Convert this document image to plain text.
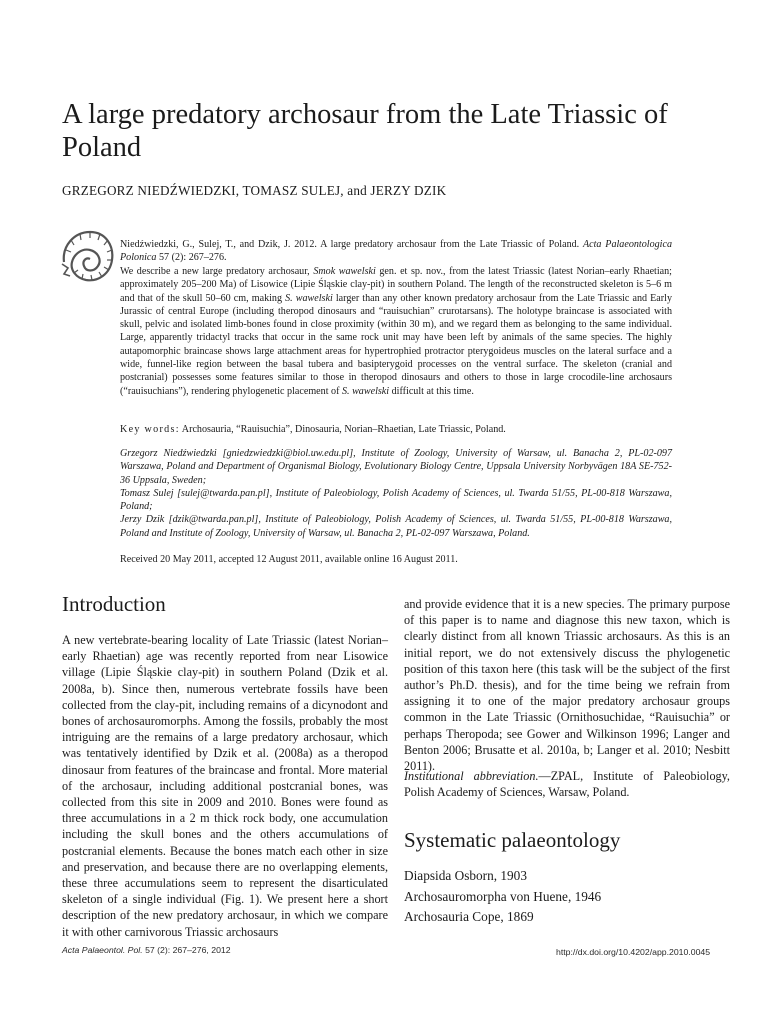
A large predatory archosaur from the Late Triassic of Poland
GRZEGORZ NIEDŹWIEDZKI, TOMASZ SULEJ, and JERZY DZIK
Niedźwiedzki, G., Sulej, T., and Dzik, J. 2012. A large predatory archosaur from the Late Triassic of Poland. Acta Palaeontologica Polonica 57 (2): 267–276.
We describe a new large predatory archosaur, Smok wawelski gen. et sp. nov., from the latest Triassic (latest Norian–early Rhaetian; approximately 205–200 Ma) of Lisowice (Lipie Śląskie clay-pit) in southern Poland. The length of the reconstructed skeleton is 5–6 m and that of the skull 50–60 cm, making S. wawelski larger than any other known predatory archosaur from the Late Triassic and Early Jurassic of central Europe (including theropod dinosaurs and “rauisuchian” crurotarsans). The holotype braincase is associated with skull, pelvic and isolated limb-bones found in close proximity (within 30 m), and we regard them as belonging to the same individual. Large, apparently tridactyl tracks that occur in the same rock unit may have been left by animals of the same species. The highly autapomorphic braincase shows large attachment areas for hypertrophied protractor pterygoideus muscles on the lateral surface and a wide, funnel-like region between the basal tubera and basipterygoid processes on the ventral surface. The skeleton (cranial and postcranial) possesses some features similar to those in theropod dinosaurs and others to those in large crocodile-line archosaurs (“rauisuchians”), rendering phylogenetic placement of S. wawelski difficult at this time.
Key words: Archosauria, “Rauisuchia”, Dinosauria, Norian–Rhaetian, Late Triassic, Poland.

Grzegorz Niedźwiedzki [gniedzwiedzki@biol.uw.edu.pl], Institute of Zoology, University of Warsaw, ul. Banacha 2, PL-02-097 Warszawa, Poland and Department of Organismal Biology, Evolutionary Biology Centre, Uppsala University Norbyvägen 18A SE-752-36 Uppsala, Sweden;

Tomasz Sulej [sulej@twarda.pan.pl], Institute of Paleobiology, Polish Academy of Sciences, ul. Twarda 51/55, PL-00-818 Warszawa, Poland;

Jerzy Dzik [dzik@twarda.pan.pl], Institute of Paleobiology, Polish Academy of Sciences, ul. Twarda 51/55, PL-00-818 Warszawa, Poland and Institute of Zoology, University of Warsaw, ul. Banacha 2, PL-02-097 Warszawa, Poland.

Received 20 May 2011, accepted 12 August 2011, available online 16 August 2011.
Introduction
A new vertebrate-bearing locality of Late Triassic (latest Norian–early Rhaetian) age was recently reported from near Lisowice village (Lipie Śląskie clay-pit) in southern Poland (Dzik et al. 2008a, b). Since then, numerous vertebrate fossils have been collected from the clay-pit, including remains of a dicynodont and bones of archosauromorphs. Among the fossils, probably the most intriguing are the remains of a large predatory archosaur, which was tentatively identified by Dzik et al. (2008a) as a theropod dinosaur from features of the braincase and frontal. More material of the archosaur, including additional postcranial bones, was collected from this site in 2009 and 2010. Bones were found as three accumulations in a 2 m thick rock body, one accumulation including the skull bones and the others accumulations of postcranial elements. Because the bones match each other in size and preservation, and because there are no overlapping elements, these three accumulations seem to represent the disarticulated skeleton of a single individual (Fig. 1). We present here a short description of the new predatory archosaur, in which we compare it with other carnivorous Triassic archosaurs
and provide evidence that it is a new species. The primary purpose of this paper is to name and diagnose this new taxon, which is clearly distinct from all known Triassic archosaurs. As this is an initial report, we do not extensively discuss the phylogenetic position of this taxon here (this task will be the subject of the first author’s Ph.D. thesis), and for the time being we refrain from assigning it to one of the major predatory archosaur groups common in the Late Triassic (Ornithosuchidae, “Rauisuchia” or perhaps Theropoda; see Gower and Wilkinson 1996; Langer and Benton 2006; Brusatte et al. 2010a, b; Langer et al. 2010; Nesbitt 2011).
Institutional abbreviation.—ZPAL, Institute of Paleobiology, Polish Academy of Sciences, Warsaw, Poland.
Systematic palaeontology
Diapsida Osborn, 1903
Archosauromorpha von Huene, 1946
Archosauria Cope, 1869
Acta Palaeontol. Pol. 57 (2): 267–276, 2012	http://dx.doi.org/10.4202/app.2010.0045
